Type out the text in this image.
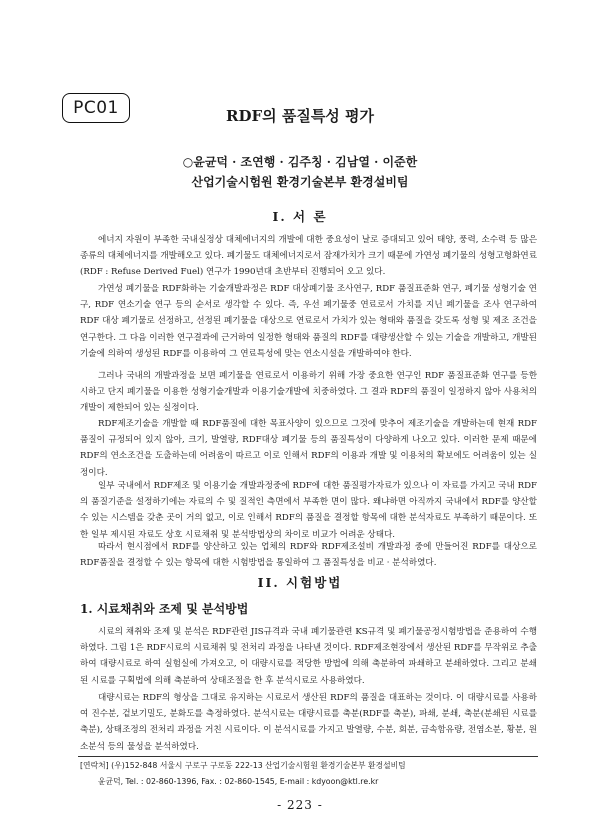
PC01	RDF의 품질특성 평가
○윤균덕 · 조연행 · 김주칭 · 김남열 · 이준한
산업기술시험원 환경기술본부 환경설비팀
I. 서 론

에너지 자원이 부족한 국내실정상 대체에너지의 개발에 대한 중요성이 날로 증대되고 있어 태양, 풍력, 소수력 등 많은 종류의 대체에너지를 개발해오고 있다. 폐기물도 대체에너지로서 잠재가치가 크기 때문에 가연성 폐기물의 성형고형화연료(RDF : Refuse Derived Fuel) 연구가 1990년대 초반부터 진행되어 오고 있다.

가연성 폐기물을 RDF화하는 기술개발과정은 RDF 대상폐기물 조사연구, RDF 품질표준화 연구, 폐기물 성형기술 연구, RDF 연소기술 연구 등의 순서로 생각할 수 있다. 즉, 우선 폐기물중 연료로서 가치를 지닌 폐기물을 조사 연구하여 RDF 대상 폐기물로 선정하고, 선정된 폐기물을 대상으로 연료로서 가치가 있는 형태와 품질을 갖도록 성형 및 제조 조건을 연구한다. 그 다음 이러한 연구결과에 근거하여 일정한 형태와 품질의 RDF를 대량생산할 수 있는 기술을 개발하고, 개발된 기술에 의하여 생성된 RDF를 이용하여 그 연료특성에 맞는 연소시설을 개발하여야 한다.

그러나 국내의 개발과정을 보면 폐기물을 연료로서 이용하기 위해 가장 중요한 연구인 RDF 품질표준화 연구를 등한시하고 단지 폐기물을 이용한 성형기술개발과 이용기술개발에 치중하였다. 그 결과 RDF의 품질이 일정하지 않아 사용처의 개발이 제한되어 있는 실정이다.

RDF제조기술을 개발할 때 RDF품질에 대한 목표사양이 있으므로 그것에 맞추어 제조기술을 개발하는데 현재 RDF 품질이 규정되어 있지 않아, 크기, 발열량, RDF대상 폐기물 등의 품질특성이 다양하게 나오고 있다. 이러한 문제 때문에 RDF의 연소조건을 도출하는데 어려움이 따르고 이로 인해서 RDF의 이용과 개발 및 이용처의 확보에도 어려움이 있는 실정이다.

일부 국내에서 RDF제조 및 이용기술 개발과정중에 RDF에 대한 품질평가자료가 있으나 이 자료를 가지고 국내 RDF의 품질기준을 설정하기에는 자료의 수 및 질적인 측면에서 부족한 면이 많다. 왜냐하면 아직까지 국내에서 RDF를 양산할 수 있는 시스템을 갖춘 곳이 거의 없고, 이로 인해서 RDF의 품질을 결정할 항목에 대한 분석자료도 부족하기 때문이다. 또한 일부 제시된 자료도 상호 시료채취 및 분석방법상의 차이로 비교가 어려운 상태다.

따라서 현시점에서 RDF를 양산하고 있는 업체의 RDF와 RDF제조설비 개발과정 중에 만들어진 RDF를 대상으로 RDF품질을 결정할 수 있는 항목에 대한 시험방법을 통일하여 그 품질특성을 비교 · 분석하였다.

II. 시험방법
1. 시료채취와 조제 및 분석방법

시료의 채취와 조제 및 분석은 RDF관련 JIS규격과 국내 폐기물관련 KS규격 및 폐기물공정시험방법을 준용하여 수행하였다. 그림 1은 RDF시료의 시료채취 및 전처리 과정을 나타낸 것이다. RDF제조현장에서 생산된 RDF를 무작위로 추출하여 대량시료로 하여 실험실에 가져오고, 이 대량시료를 적당한 방법에 의해 축분하여 파쇄하고 분쇄하였다. 그리고 분쇄된 시료를 구획법에 의해 축분하여 상태조절을 한 후 분석시료로 사용하였다.

대량시료는 RDF의 형상을 그대로 유지하는 시료로서 생산된 RDF의 품질을 대표하는 것이다. 이 대량시료를 사용하여 진수분, 겉보기밀도, 분화도를 측정하였다. 분석시료는 대량시료를 축분(RDF를 축분), 파쇄, 분쇄, 축분(분쇄된 시료를 축분), 상태조정의 전처리 과정을 거친 시료이다. 이 분석시료를 가지고 발열량, 수분, 회분, 금속함유량, 전염소분, 황분, 원소분석 등의 물성을 분석하였다.

[연락처] (우)152-848 서울시 구로구 구로동 222-13 산업기술시험원 환경기술본부 환경설비팀
윤균덕, Tel. : 02-860-1396, Fax. : 02-860-1545, E-mail : kdyoon@ktl.re.kr
- 223 -
